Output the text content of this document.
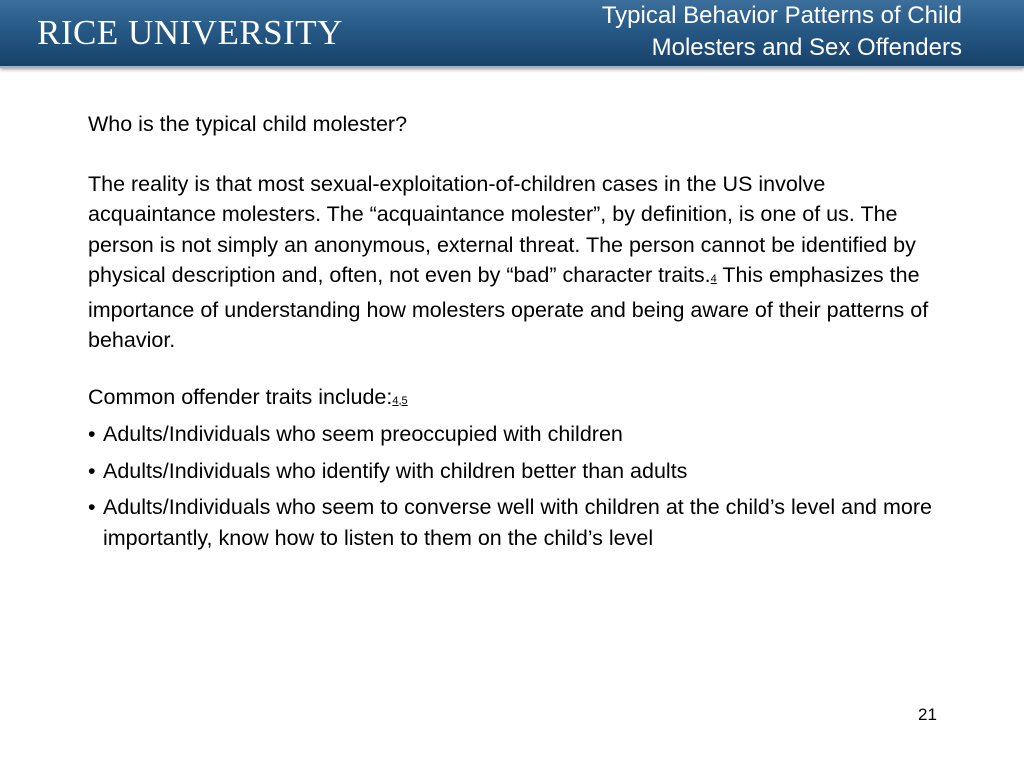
RICE UNIVERSITY	Typical Behavior Patterns of Child
Molesters and Sex Offenders

Who is the typical child molester?

The reality is that most sexual-exploitation-of-children cases in the US involve acquaintance molesters. The “acquaintance molester”, by definition, is one of us. The person is not simply an anonymous, external threat. The person cannot be identified by physical description and, often, not even by “bad” character traits.4 This emphasizes the importance of understanding how molesters operate and being aware of their patterns of behavior.

Common offender traits include:4,5

• Adults/Individuals who seem preoccupied with children

• Adults/Individuals who identify with children better than adults

• Adults/Individuals who seem to converse well with children at the child’s level and more importantly, know how to listen to them on the child’s level

21
